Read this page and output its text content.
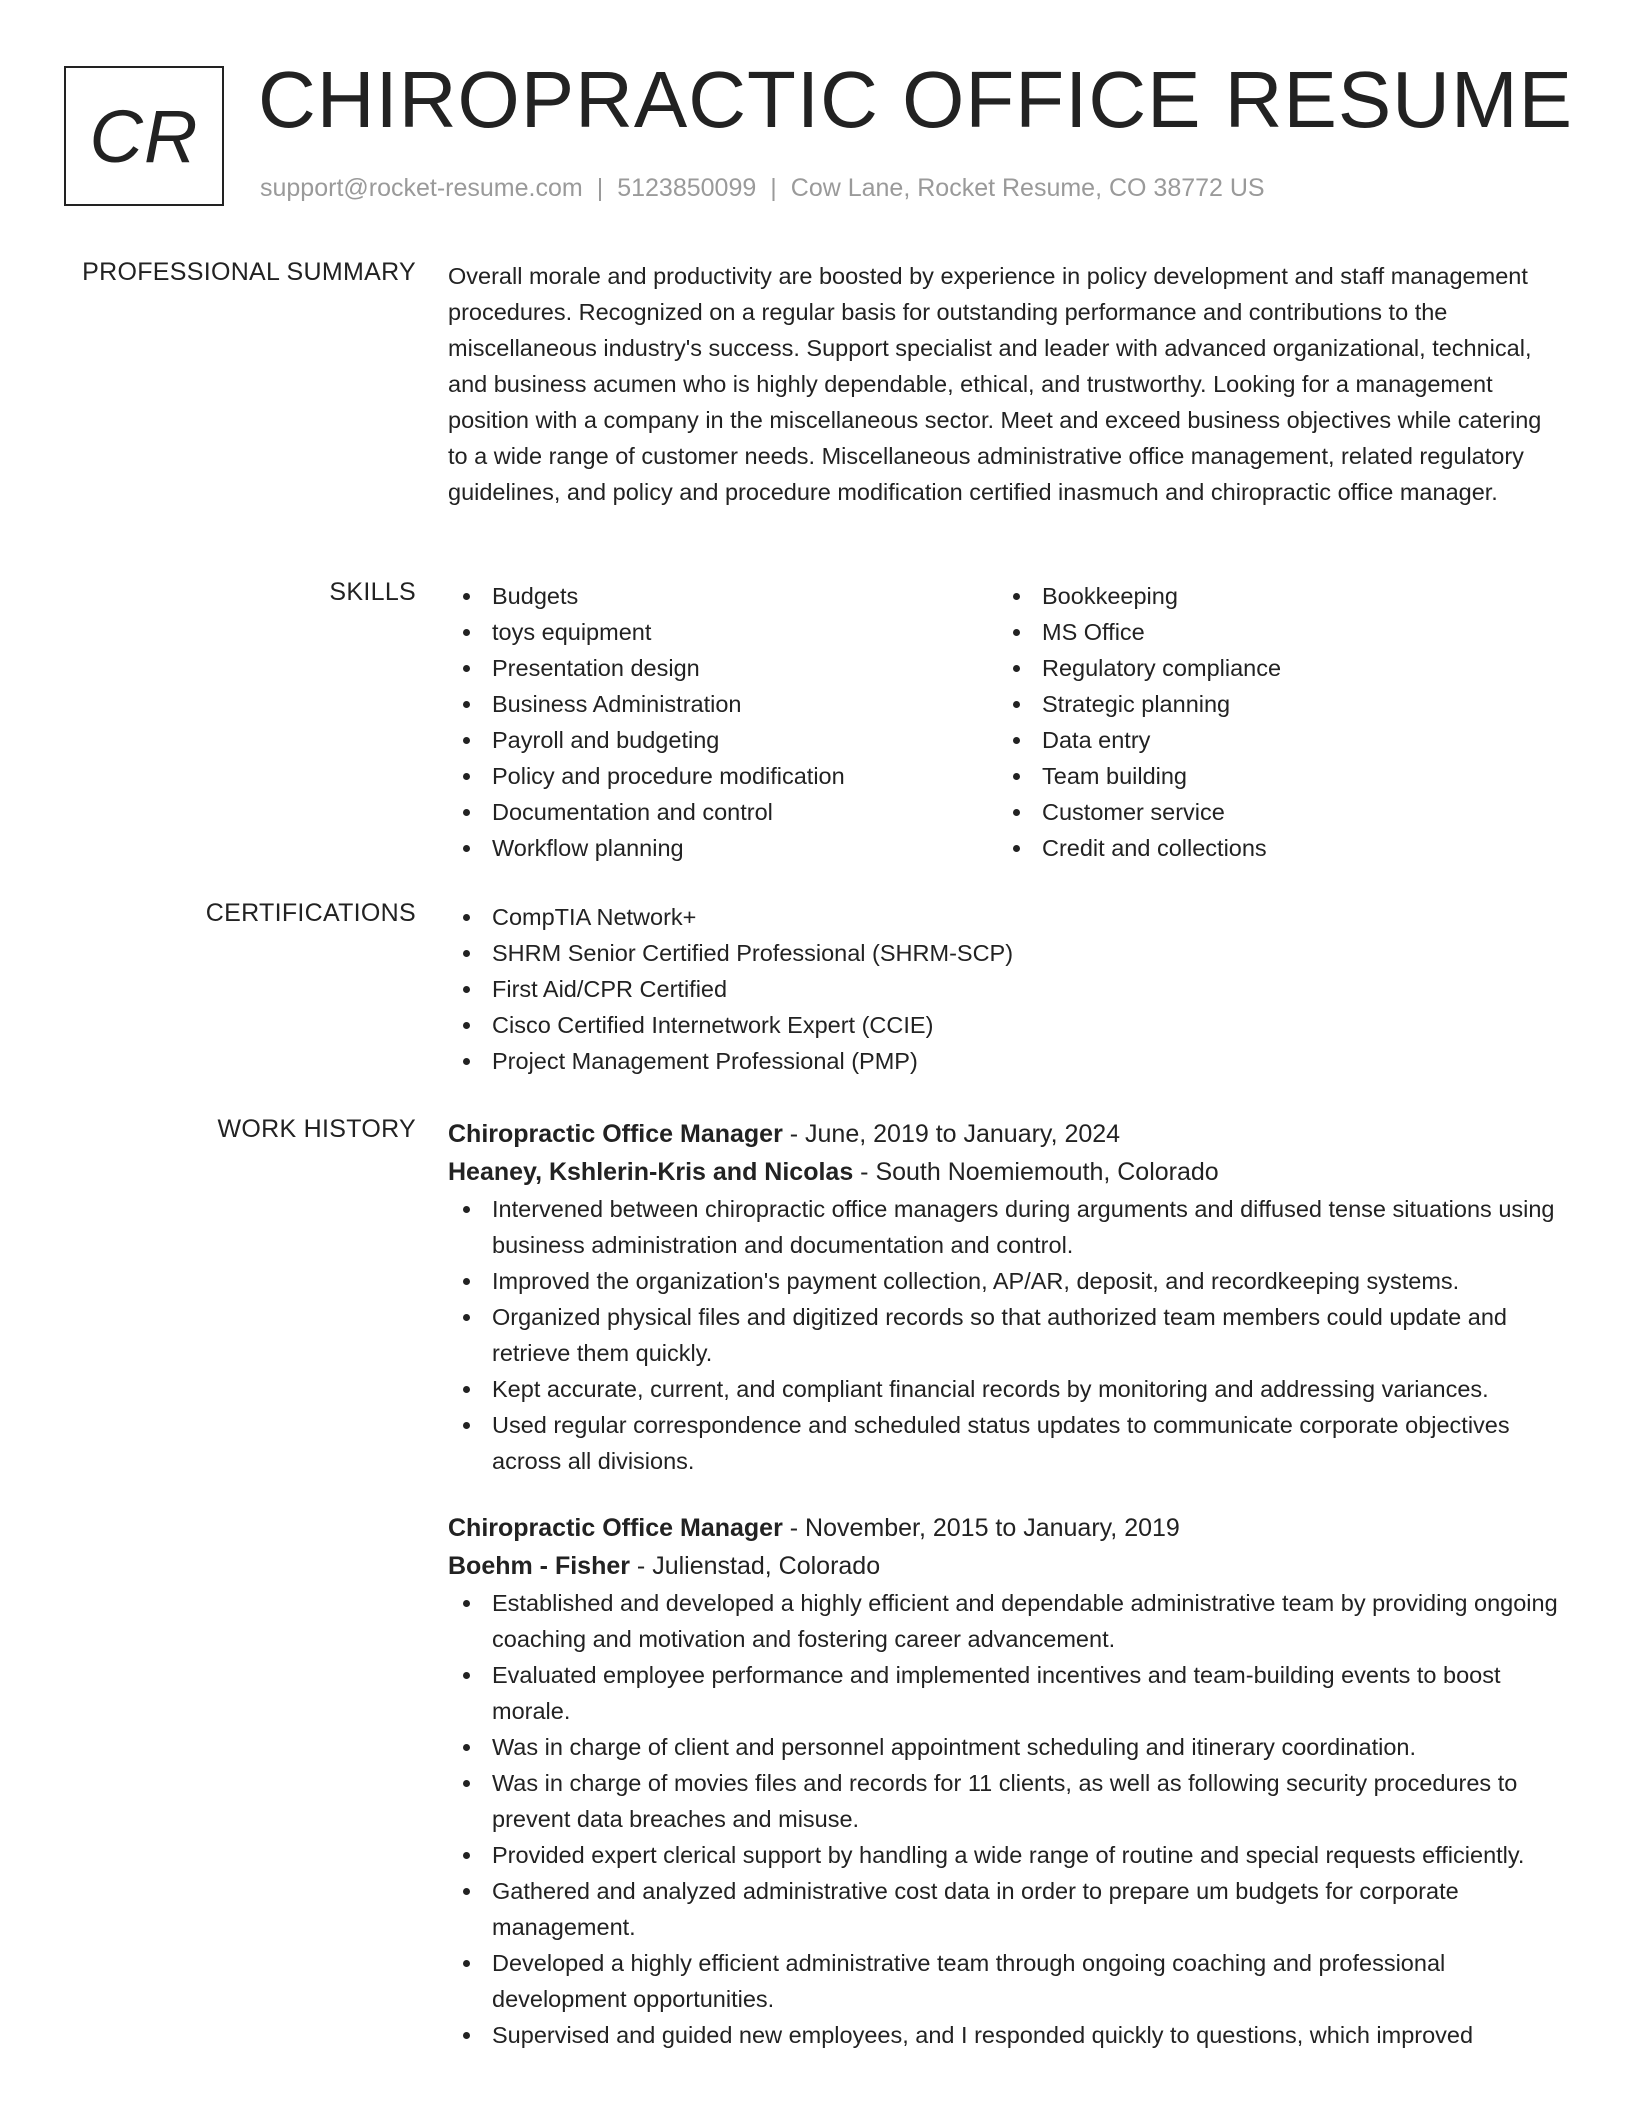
CR CHIROPRACTIC OFFICE RESUME
support@rocket-resume.com | 5123850099 | Cow Lane, Rocket Resume, CO 38772 US
PROFESSIONAL SUMMARY Overall morale and productivity are boosted by experience in policy development and staff management procedures. Recognized on a regular basis for outstanding performance and contributions to the miscellaneous industry's success. Support specialist and leader with advanced organizational, technical, and business acumen who is highly dependable, ethical, and trustworthy. Looking for a management position with a company in the miscellaneous sector. Meet and exceed business objectives while catering to a wide range of customer needs. Miscellaneous administrative office management, related regulatory guidelines, and policy and procedure modification certified inasmuch and chiropractic office manager.

SKILLS	Budgets
toys equipment
Presentation design
Business Administration
Payroll and budgeting
Policy and procedure modification
Documentation and control
Workflow planning
Bookkeeping
MS Office
Regulatory compliance
Strategic planning
Data entry
Team building
Customer service
Credit and collections
CERTIFICATIONS	CompTIA Network+
SHRM Senior Certified Professional (SHRM-SCP)
First Aid/CPR Certified
Cisco Certified Internetwork Expert (CCIE)
Project Management Professional (PMP)
WORK HISTORY Chiropractic Office Manager - June, 2019 to January, 2024
Heaney, Kshlerin-Kris and Nicolas - South Noemiemouth, Colorado
Intervened between chiropractic office managers during arguments and diffused tense situations using business administration and documentation and control.
Improved the organization's payment collection, AP/AR, deposit, and recordkeeping systems.
Organized physical files and digitized records so that authorized team members could update and retrieve them quickly.
Kept accurate, current, and compliant financial records by monitoring and addressing variances.
Used regular correspondence and scheduled status updates to communicate corporate objectives across all divisions.
Chiropractic Office Manager - November, 2015 to January, 2019
Boehm - Fisher - Julienstad, Colorado
Established and developed a highly efficient and dependable administrative team by providing ongoing coaching and motivation and fostering career advancement.
Evaluated employee performance and implemented incentives and team-building events to boost morale.
Was in charge of client and personnel appointment scheduling and itinerary coordination.
Was in charge of movies files and records for 11 clients, as well as following security procedures to prevent data breaches and misuse.
Provided expert clerical support by handling a wide range of routine and special requests efficiently.
Gathered and analyzed administrative cost data in order to prepare um budgets for corporate management.
Developed a highly efficient administrative team through ongoing coaching and professional development opportunities.
Supervised and guided new employees, and I responded quickly to questions, which improved
